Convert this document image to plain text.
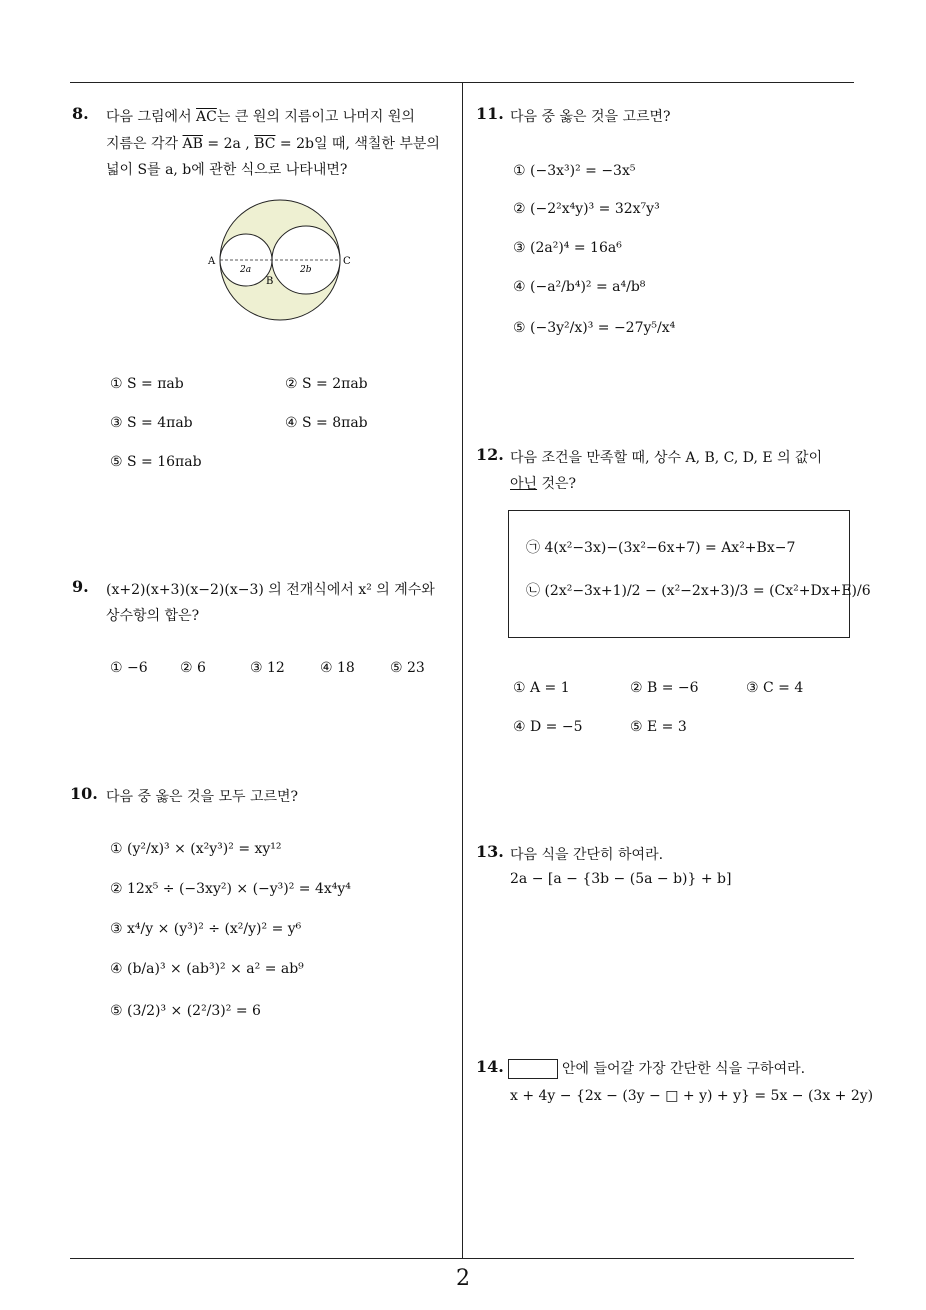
8. 다음 그림에서 $\overline{AC}$는 큰 원의 지름이고 나머지 원의
지름은 각각 $\overline{AB} = 2a$ , $\overline{BC} = 2b$일 때, 색칠한 부분의
넓이 S를 a, b에 관한 식으로 나타내면?
A
B
C
2a	2b
① S = πab	② S = 2πab
③ S = 4πab	④ S = 8πab
⑤ S = 16πab
9. (x+2)(x+3)(x−2)(x−3) 의 전개식에서 x² 의 계수와
상수항의 합은?
① −6 ② 6	③ 12	④ 18	⑤ 23
10. 다음 중 옳은 것을 모두 고르면?
① (y²/x)³ × (x²y³)² = xy¹²
② 12x⁵ ÷ (−3xy²) × (−y³)² = 4x⁴y⁴
③ x⁴/y × (y³)² ÷ (x²/y)² = y⁶
④ (b/a)³ × (ab³)² × a² = ab⁹
⑤ (3/2)³ × (2²/3)² = 6
11. 다음 중 옳은 것을 고르면?
① (−3x³)² = −3x⁵
② (−2²x⁴y)³ = 32x⁷y³
③ (2a²)⁴ = 16a⁶
④ (−a²/b⁴)² = a⁴/b⁸
⑤ (−3y²/x)³ = −27y⁵/x⁴
12. 다음 조건을 만족할 때, 상수 A, B, C, D, E 의 값이
아닌 것은?
㉠ 4(x²−3x)−(3x²−6x+7) = Ax²+Bx−7
㉡ (2x²−3x+1)/2 − (x²−2x+3)/3 = (Cx²+Dx+E)/6
① A = 1	② B = −6	③ C = 4
④ D = −5	⑤ E = 3
13. 다음 식을 간단히 하여라.
2a − [a − {3b − (5a − b)} + b]
14.	안에 들어갈 가장 간단한 식을 구하여라.
x + 4y − {2x − (3y − □ + y) + y} = 5x − (3x + 2y)
2
